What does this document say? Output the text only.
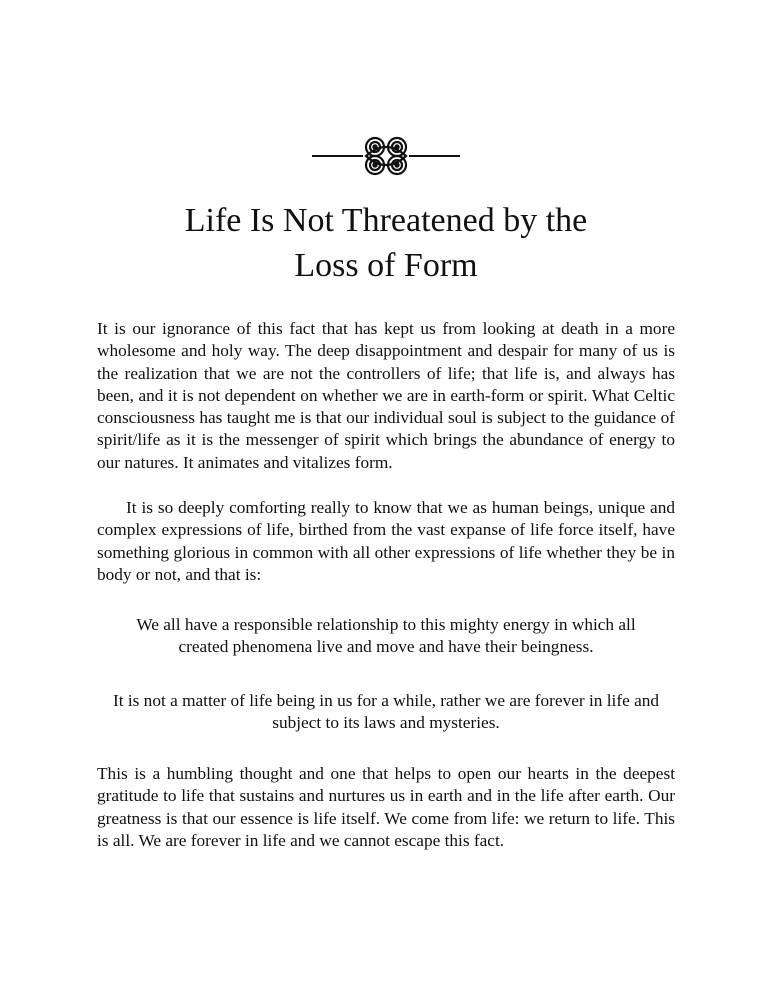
Life Is Not Threatened by the
Loss of Form

It is our ignorance of this fact that has kept us from looking at death in a more wholesome and holy way. The deep disappointment and despair for many of us is the realization that we are not the controllers of life; that life is, and always has been, and it is not dependent on whether we are in earth-form or spirit. What Celtic consciousness has taught me is that our individual soul is subject to the guidance of spirit/life as it is the messenger of spirit which brings the abundance of energy to our natures. It animates and vitalizes form.

It is so deeply comforting really to know that we as human beings, unique and complex expressions of life, birthed from the vast expanse of life force itself, have something glorious in common with all other expressions of life whether they be in body or not, and that is:

We all have a responsible relationship to this mighty energy in which all created phenomena live and move and have their beingness.

It is not a matter of life being in us for a while, rather we are forever in life and subject to its laws and mysteries.

This is a humbling thought and one that helps to open our hearts in the deepest gratitude to life that sustains and nurtures us in earth and in the life after earth. Our greatness is that our essence is life itself. We come from life: we return to life. This is all. We are forever in life and we cannot escape this fact.
